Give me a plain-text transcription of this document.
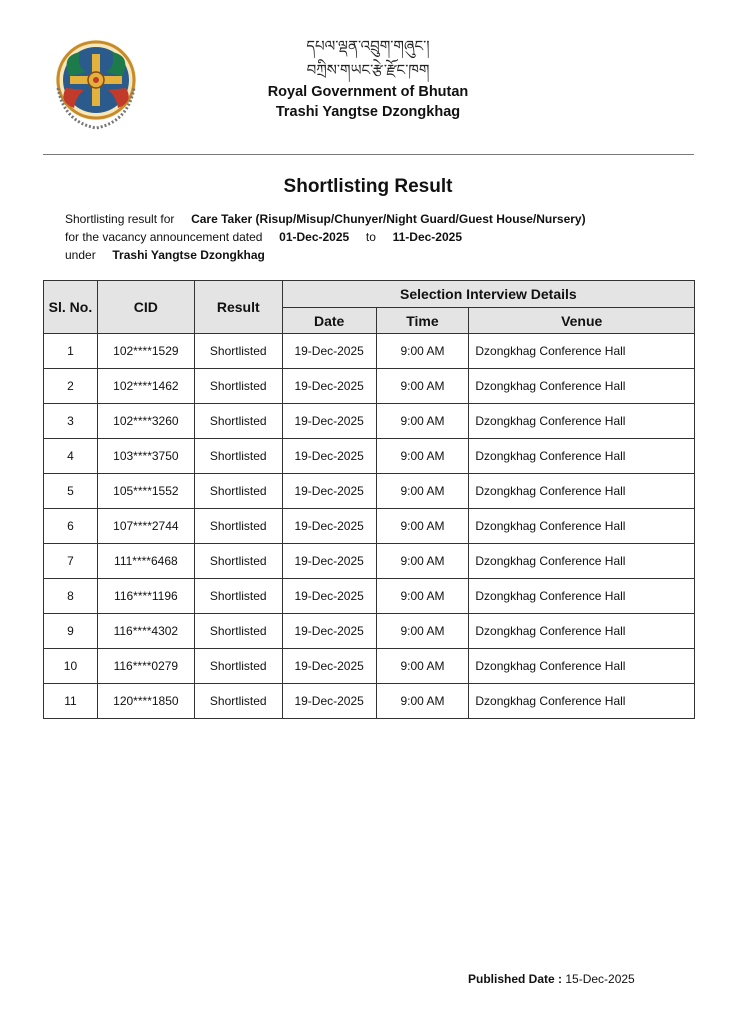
དཔལ་ལྡན་འབྲུག་གཞུང་།
བཀྲིས་གཡང་རྩེ་རྫོང་ཁག
Royal Government of Bhutan
Trashi Yangtse Dzongkhag
Shortlisting Result
Shortlisting result for Care Taker (Risup/Misup/Chunyer/Night Guard/Guest House/Nursery)
for the vacancy announcement dated 01-Dec-2025 to 11-Dec-2025
under Trashi Yangtse Dzongkhag
Sl. No.	CID	Result	Selection Interview Details		
			Date	Time	Venue
1	102****1529	Shortlisted	19-Dec-2025	9:00 AM	Dzongkhag Conference Hall
2	102****1462	Shortlisted	19-Dec-2025	9:00 AM	Dzongkhag Conference Hall
3	102****3260	Shortlisted	19-Dec-2025	9:00 AM	Dzongkhag Conference Hall
4	103****3750	Shortlisted	19-Dec-2025	9:00 AM	Dzongkhag Conference Hall
5	105****1552	Shortlisted	19-Dec-2025	9:00 AM	Dzongkhag Conference Hall
6	107****2744	Shortlisted	19-Dec-2025	9:00 AM	Dzongkhag Conference Hall
7	111****6468	Shortlisted	19-Dec-2025	9:00 AM	Dzongkhag Conference Hall
8	116****1196	Shortlisted	19-Dec-2025	9:00 AM	Dzongkhag Conference Hall
9	116****4302	Shortlisted	19-Dec-2025	9:00 AM	Dzongkhag Conference Hall
10	116****0279	Shortlisted	19-Dec-2025	9:00 AM	Dzongkhag Conference Hall
11	120****1850	Shortlisted	19-Dec-2025	9:00 AM	Dzongkhag Conference Hall
Published Date : 15-Dec-2025
